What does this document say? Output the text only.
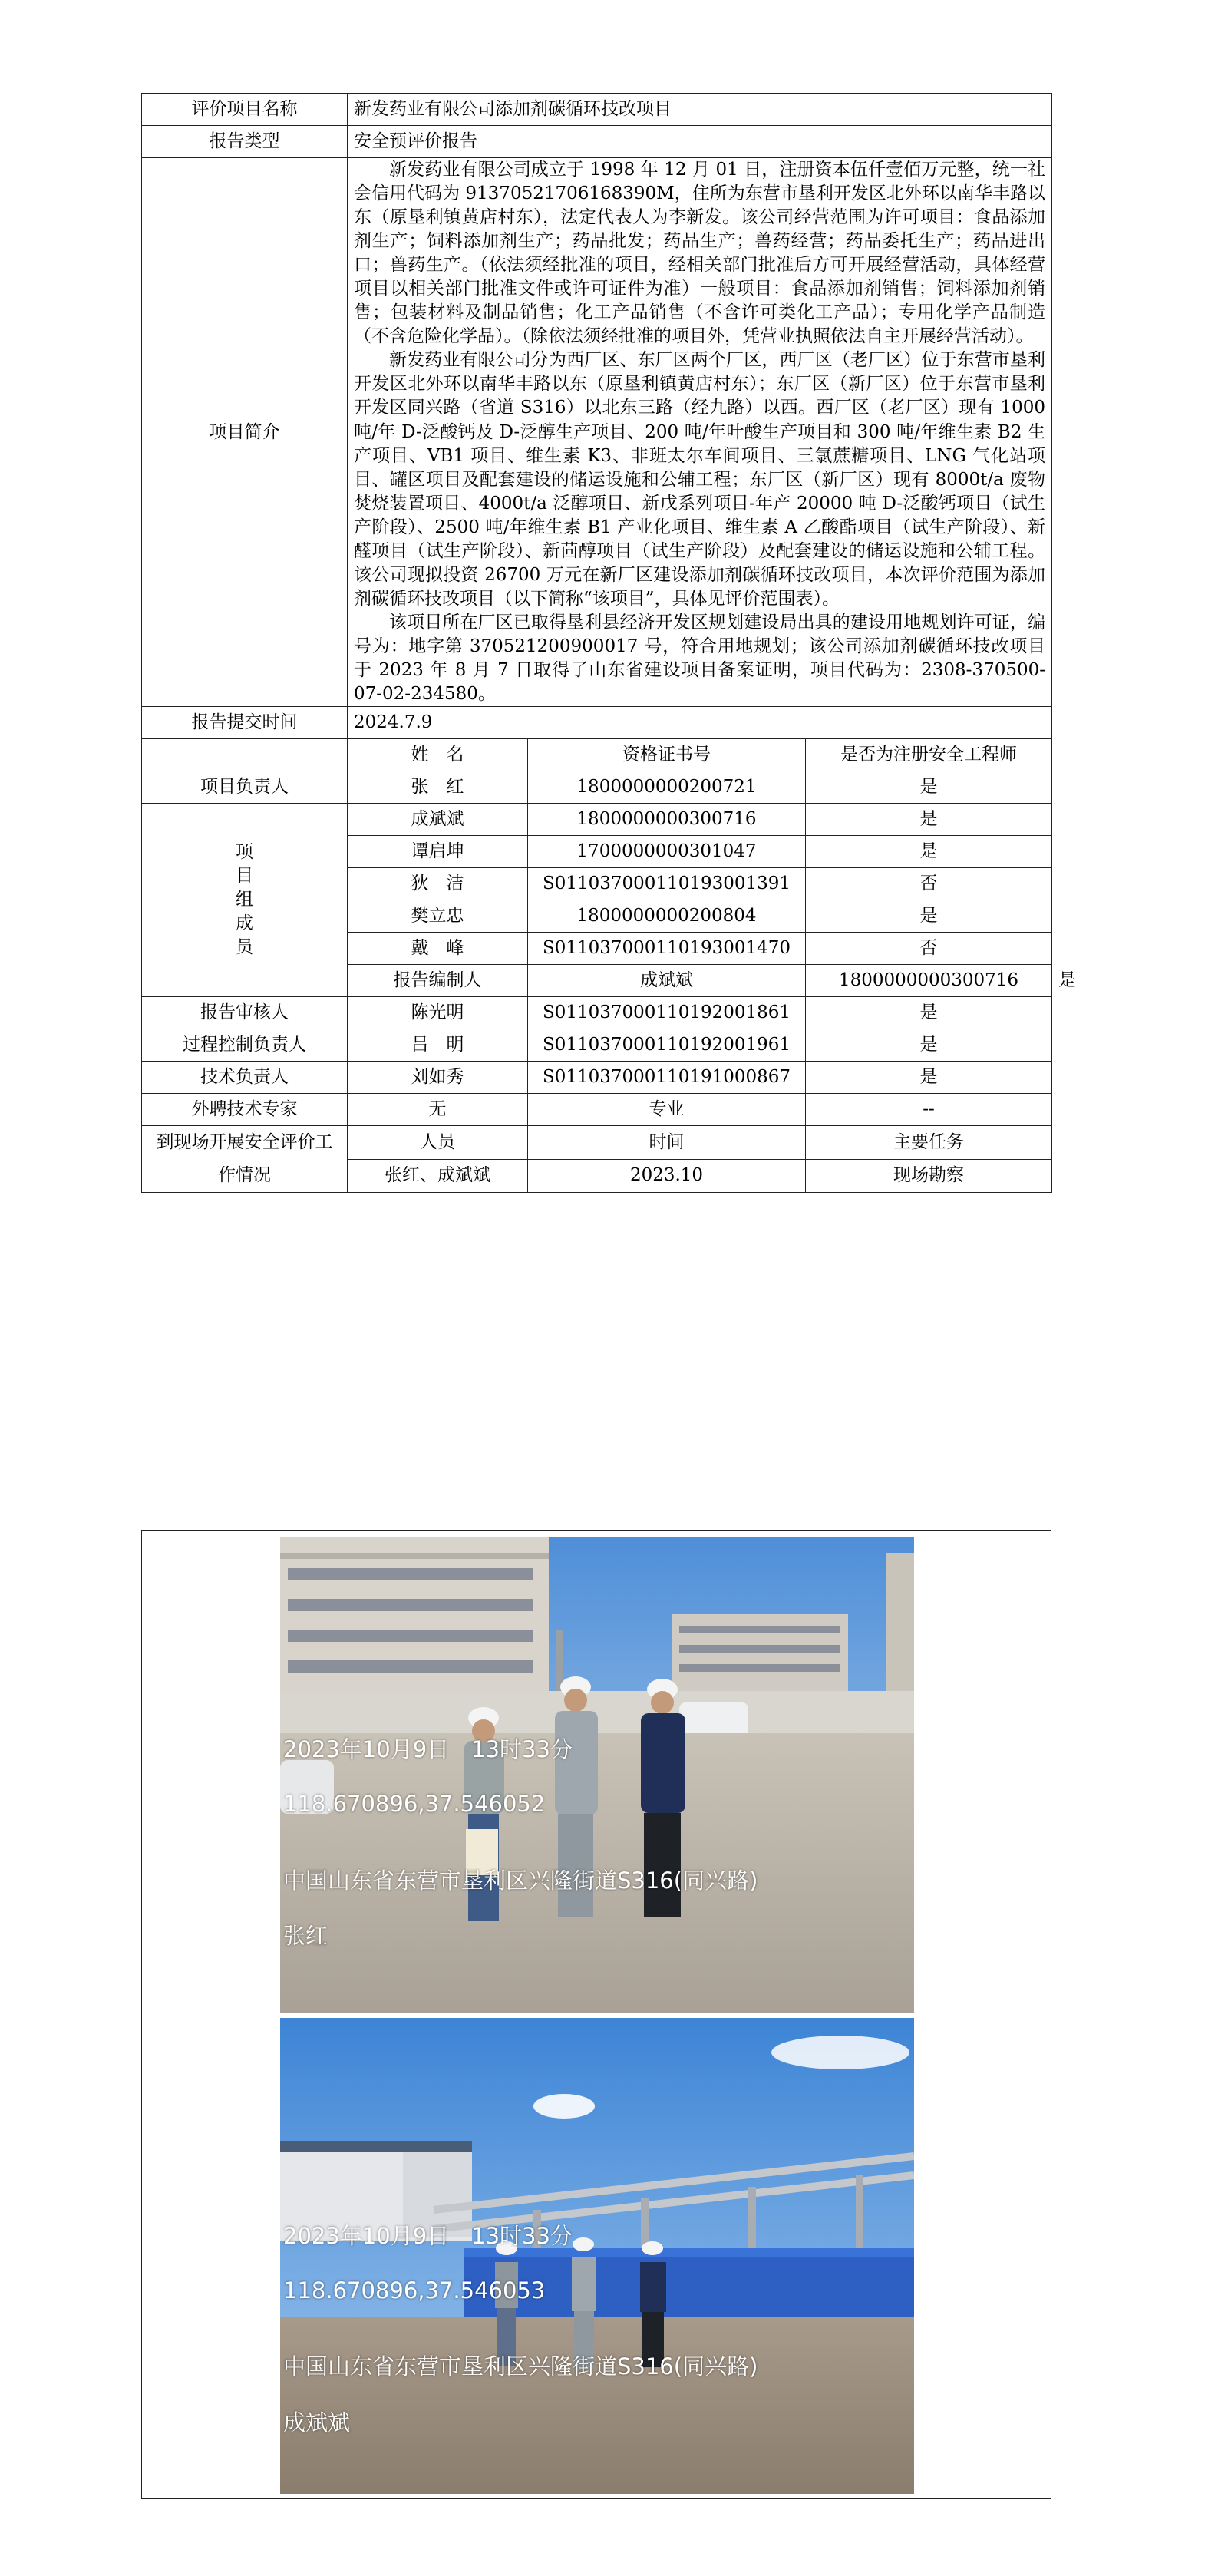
评价项目名称	新发药业有限公司添加剂碳循环技改项目			
报告类型	安全预评价报告			
项目简介	新发药业有限公司成立于 1998 年 12 月 01 日，注册资本伍仟壹佰万元整，统一社会信用代码为 91370521706168390M，住所为东营市垦利开发区北外环以南华丰路以东（原垦利镇黄店村东），法定代表人为李新发。该公司经营范围为许可项目：食品添加剂生产；饲料添加剂生产；药品批发；药品生产；兽药经营；药品委托生产；药品进出口；兽药生产。（依法须经批准的项目，经相关部门批准后方可开展经营活动，具体经营项目以相关部门批准文件或许可证件为准）一般项目：食品添加剂销售；饲料添加剂销售；包装材料及制品销售；化工产品销售（不含许可类化工产品）；专用化学产品制造（不含危险化学品）。（除依法须经批准的项目外，凭营业执照依法自主开展经营活动）。

新发药业有限公司分为西厂区、东厂区两个厂区，西厂区（老厂区）位于东营市垦利开发区北外环以南华丰路以东（原垦利镇黄店村东）；东厂区（新厂区）位于东营市垦利开发区同兴路（省道 S316）以北东三路（经九路）以西。西厂区（老厂区）现有 1000 吨/年 D-泛酸钙及 D-泛醇生产项目、200 吨/年叶酸生产项目和 300 吨/年维生素 B2 生产项目、VB1 项目、维生素 K3、非班太尔车间项目、三氯蔗糖项目、LNG 气化站项目、罐区项目及配套建设的储运设施和公辅工程；东厂区（新厂区）现有 8000t/a 废物焚烧装置项目、4000t/a 泛醇项目、新戊系列项目-年产 20000 吨 D-泛酸钙项目（试生产阶段）、2500 吨/年维生素 B1 产业化项目、维生素 A 乙酸酯项目（试生产阶段）、新醛项目（试生产阶段）、新茴醇项目（试生产阶段）及配套建设的储运设施和公辅工程。该公司现拟投资 26700 万元在新厂区建设添加剂碳循环技改项目，本次评价范围为添加剂碳循环技改项目（以下简称“该项目”，具体见评价范围表）。

该项目所在厂区已取得垦利县经济开发区规划建设局出具的建设用地规划许可证，编号为：地字第 370521200900017 号，符合用地规划；该公司添加剂碳循环技改项目于 2023 年 8 月 7 日取得了山东省建设项目备案证明，项目代码为：2308-370500-07-02-234580。			

报告提交时间	2024.7.9			
	姓　名	资格证书号	是否为注册安全工程师	
项目负责人	张　红	1800000000200721	是	
项
目
组
成
员	成斌斌	1800000000300716	是	
	谭启坤	1700000000301047	是	
	狄　洁	S011037000110193001391	否	
	樊立忠	1800000000200804	是	
	戴　峰	S011037000110193001470	否	
	报告编制人	成斌斌	1800000000300716	是
报告审核人	陈光明	S011037000110192001861	是	
过程控制负责人	吕　明	S011037000110192001961	是	
技术负责人	刘如秀	S011037000110191000867	是	
外聘技术专家	无	专业	--	
到现场开展安全评价工作情况	人员	时间	主要任务	
	张红、成斌斌	2023.10	现场勘察	
2023年10月9日　13时33分
118.670896,37.546052
中国山东省东营市垦利区兴隆街道S316(同兴路)
张红
2023年10月9日　13时33分
118.670896,37.546053
中国山东省东营市垦利区兴隆街道S316(同兴路)
成斌斌
